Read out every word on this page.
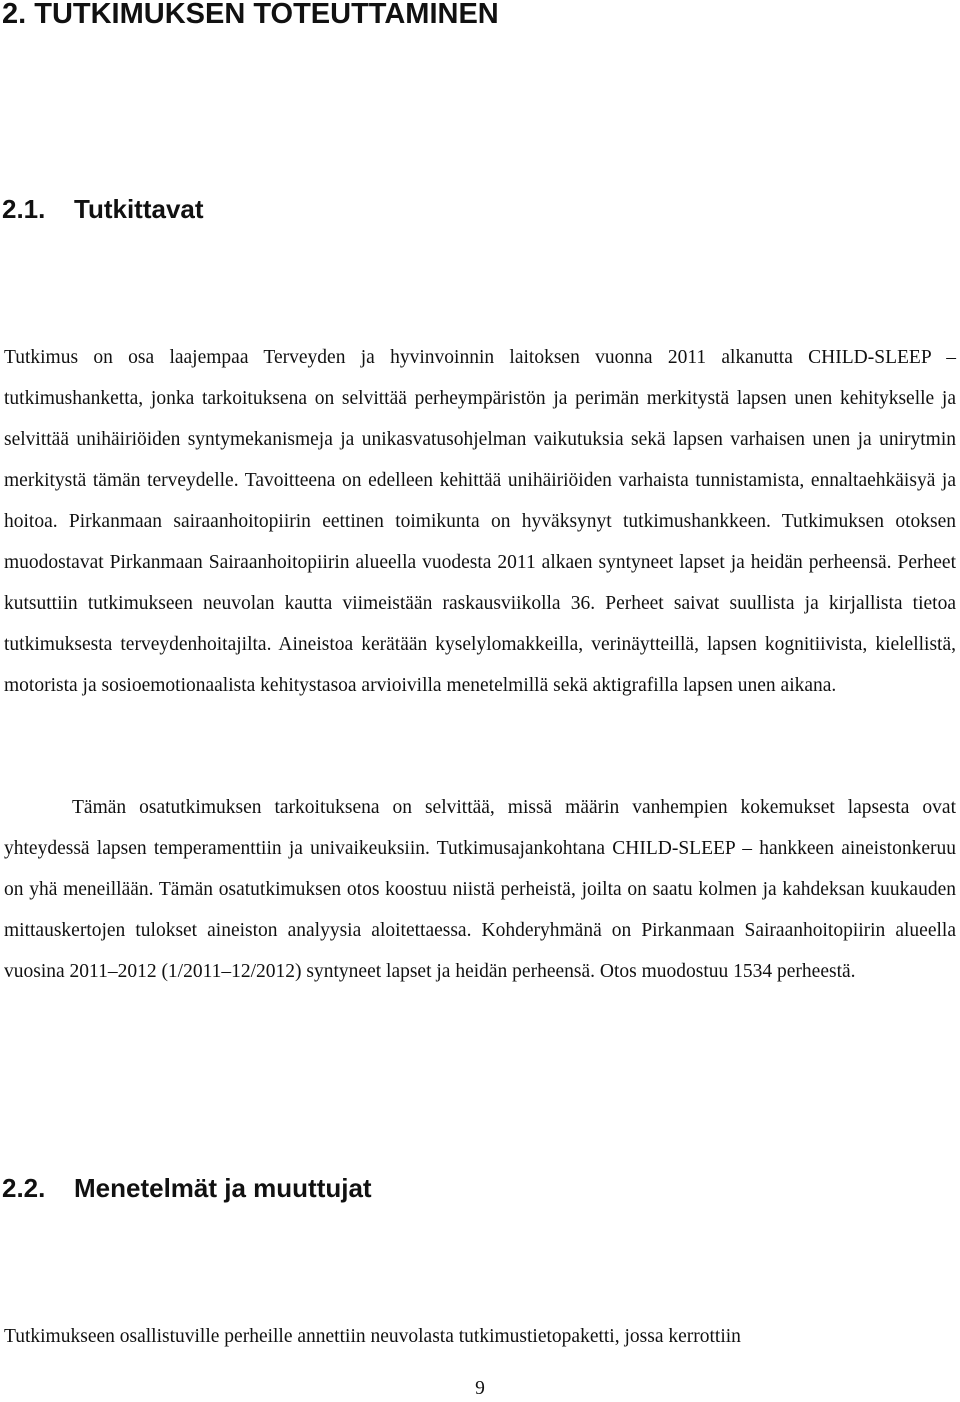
2. TUTKIMUKSEN TOTEUTTAMINEN
2.1. Tutkittavat

Tutkimus on osa laajempaa Terveyden ja hyvinvoinnin laitoksen vuonna 2011 alkanutta CHILD-SLEEP – tutkimushanketta, jonka tarkoituksena on selvittää perheympäristön ja perimän merkitystä lapsen unen kehitykselle ja selvittää unihäiriöiden syntymekanismeja ja unikasvatusohjelman vaikutuksia sekä lapsen varhaisen unen ja unirytmin merkitystä tämän terveydelle. Tavoitteena on edelleen kehittää unihäiriöiden varhaista tunnistamista, ennaltaehkäisyä ja hoitoa. Pirkanmaan sairaanhoitopiirin eettinen toimikunta on hyväksynyt tutkimushankkeen. Tutkimuksen otoksen muodostavat Pirkanmaan Sairaanhoitopiirin alueella vuodesta 2011 alkaen syntyneet lapset ja heidän perheensä. Perheet kutsuttiin tutkimukseen neuvolan kautta viimeistään raskausviikolla 36. Perheet saivat suullista ja kirjallista tietoa tutkimuksesta terveydenhoitajilta. Aineistoa kerätään kyselylomakkeilla, verinäytteillä, lapsen kognitiivista, kielellistä, motorista ja sosioemotionaalista kehitystasoa arvioivilla menetelmillä sekä aktigrafilla lapsen unen aikana.

Tämän osatutkimuksen tarkoituksena on selvittää, missä määrin vanhempien kokemukset lapsesta ovat yhteydessä lapsen temperamenttiin ja univaikeuksiin. Tutkimusajankohtana CHILD-SLEEP – hankkeen aineistonkeruu on yhä meneillään. Tämän osatutkimuksen otos koostuu niistä perheistä, joilta on saatu kolmen ja kahdeksan kuukauden mittauskertojen tulokset aineiston analyysia aloitettaessa. Kohderyhmänä on Pirkanmaan Sairaanhoitopiirin alueella vuosina 2011–2012 (1/2011–12/2012) syntyneet lapset ja heidän perheensä. Otos muodostuu 1534 perheestä.

2.2. Menetelmät ja muuttujat

Tutkimukseen osallistuville perheille annettiin neuvolasta tutkimustietopaketti, jossa kerrottiin

9
